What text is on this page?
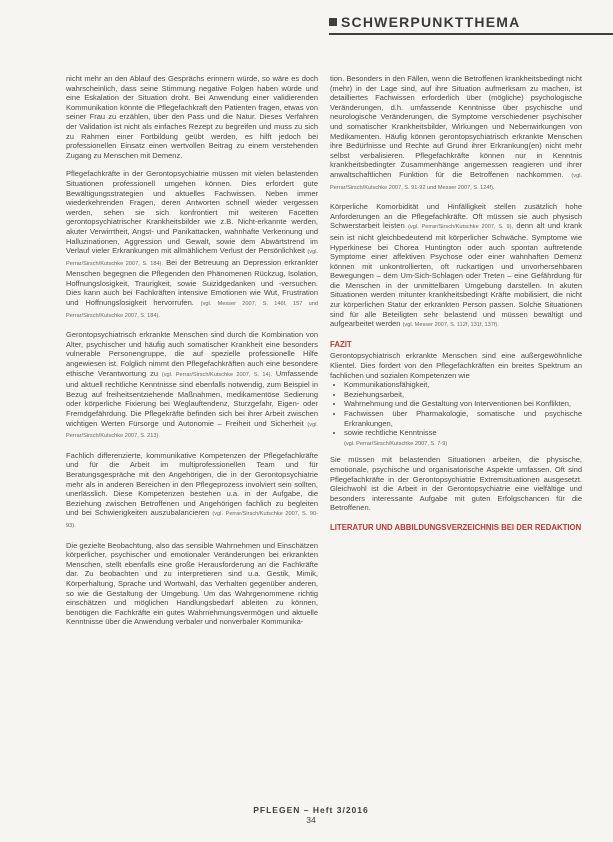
SCHWERPUNKTTHEMA

nicht mehr an den Ablauf des Gesprächs erinnern würde, so wäre es doch wahrscheinlich, dass seine Stimmung negative Folgen haben würde und eine Eskalation der Situation droht. Bei Anwendung einer validierenden Kommunikation könnte die Pflegefachkraft den Patienten fragen, etwas von seiner Frau zu erzählen, über den Pass und die Natur. Dieses Verfahren der Validation ist nicht als einfaches Rezept zu begreifen und muss zu sich zu Rahmen einer Fortbildung geübt werden, es hilft jedoch bei professionellen Einsatz einen wertvollen Beitrag zu einem verstehenden Zugang zu Menschen mit Demenz.

Pflegefachkräfte in der Gerontopsychiatrie müssen mit vielen belastenden Situationen professionell umgehen können. Dies erfordert gute Bewältigungsstrategien und aktuelles Fachwissen. Neben immer wiederkehrenden Fragen, deren Antworten schnell wieder vergessen werden, sehen sie sich konfrontiert mit weiteren Facetten gerontopsychiatrischer Krankheitsbilder wie z.B. Nicht-erkannte werden, akuter Verwirrtheit, Angst- und Panikattacken, wahnhafte Verkennung und Halluzinationen, Aggression und Gewalt, sowie dem Abwärtstrend im Verlauf vieler Erkrankungen mit allmählichem Verlust der Persönlichkeit (vgl. Perrar/Sirsch/Kutschke 2007, S. 184). Bei der Betreuung an Depression erkrankter Menschen begegnen die Pflegenden den Phänomenen Rückzug, Isolation, Hoffnungslosigkeit, Traurigkeit, sowie Suizidgedanken und -versuchen. Dies kann auch bei Fachkräften intensive Emotionen wie Wut, Frustration und Hoffnungslosigkeit hervorrufen. (vgl. Messer 2007, S. 146f, 157 und Perrar/Sirsch/Kutschke 2007, S. 184).

Gerontopsychiatrisch erkrankte Menschen sind durch die Kombination von Alter, psychischer und häufig auch somatischer Krankheit eine besonders vulnerable Personengruppe, die auf spezielle professionelle Hilfe angewiesen ist. Folglich nimmt den Pflegefachkräften auch eine besondere ethische Verantwortung zu (vgl. Perrar/Sirsch/Kutschke 2007, S. 14). Umfassende und aktuell rechtliche Kenntnisse sind ebenfalls notwendig, zum Beispiel in Bezug auf freiheitsentziehende Maßnahmen, medikamentöse Sedierung oder körperliche Fixierung bei Weglauftendenz, Sturzgefahr, Eigen- oder Fremdgefährdung. Die Pflegekräfte befinden sich bei ihrer Arbeit zwischen wichtigen Werten Fürsorge und Autonomie – Freiheit und Sicherheit (vgl. Perrar/Sirsch/Kutschke 2007, S. 213).

Fachlich differenzierte, kommunikative Kompetenzen der Pflegefachkräfte und für die Arbeit im multiprofessionellen Team und für Beratungsgespräche mit den Angehörigen, die in der Gerontopsychiatrie mehr als in anderen Bereichen in den Pflegeprozess involviert sein sollten, unerlässlich. Diese Kompetenzen bestehen u.a. in der Aufgabe, die Beziehung zwischen Betroffenen und Angehörigen fachlich zu begleiten und bei Schwierigkeiten auszubalancieren (vgl. Perrar/Sirsch/Kutschke 2007, S. 90-93).

Die gezielte Beobachtung, also das sensible Wahrnehmen und Einschätzen körperlicher, psychischer und emotionaler Veränderungen bei erkrankten Menschen, stellt ebenfalls eine große Herausforderung an die Fachkräfte dar. Zu beobachten und zu interpretieren sind u.a. Gestik, Mimik, Körperhaltung, Sprache und Wortwahl, das Verhalten gegenüber anderen, so wie die Gestaltung der Umgebung. Um das Wahrgenommene richtig einschätzen und möglichen Handlungsbedarf ableiten zu können, benötigen die Fachkräfte ein gutes Wahrnehmungsvermögen und aktuelle Kenntnisse über die Anwendung verbaler und nonverbaler Kommunika-

tion. Besonders in den Fällen, wenn die Betroffenen krankheitsbedingt nicht (mehr) in der Lage sind, auf ihre Situation aufmerksam zu machen, ist detailliertes Fachwissen erforderlich über (mögliche) psychologische Veränderungen, d.h. umfassende Kenntnisse über psychische und neurologische Veränderungen, die Symptome verschiedener psychischer und somatischer Krankheitsbilder, Wirkungen und Nebenwirkungen von Medikamenten. Häufig können gerontopsychiatrisch erkrankte Menschen ihre Bedürfnisse und Rechte auf Grund ihrer Erkrankung(en) nicht mehr selbst verbalisieren. Pflegefachkräfte können nur in Kenntnis krankheitsbedingter Zusammenhänge angemessen reagieren und ihrer anwaltschaftlichen Funktion für die Betroffenen nachkommen. (vgl. Perrar/Sirsch/Kutschke 2007, S. 91-92 und Messer 2007, S. 124f).

Körperliche Komorbidität und Hinfälligkeit stellen zusätzlich hohe Anforderungen an die Pflegefachkräfte. Oft müssen sie auch physisch Schwerstarbeit leisten (vgl. Perrar/Sirsch/Kutschke 2007, S. 9), denn alt und krank sein ist nicht gleichbedeutend mit körperlicher Schwäche. Symptome wie Hyperkinese bei Chorea Huntington oder auch spontan auftretende Symptome einer affektiven Psychose oder einer wahnhaften Demenz können mit unkontrollierten, oft ruckartigen und unvorhersehbaren Bewegungen – dem Um-Sich-Schlagen oder Treten – eine Gefährdung für die Menschen in der unmittelbaren Umgebung darstellen. In akuten Situationen werden mitunter krankheitsbedingt Kräfte mobilisiert, die nicht zur körperlichen Statur der erkrankten Person passen. Solche Situationen sind für alle Beteiligten sehr belastend und müssen bewältigt und aufgearbeitet werden (vgl. Messer 2007, S. 112f, 131f, 137f).

FAZIT

Gerontopsychiatrisch erkrankte Menschen sind eine außergewöhnliche Klientel. Dies fordert von den Pflegefachkräften ein breites Spektrum an fachlichen und sozialen Kompetenzen wie

• Kommunikationsfähigkeit,
• Beziehungsarbeit,
• Wahrnehmung und die Gestaltung von Interventionen bei Konflikten,
• Fachwissen über Pharmakologie, somatische und psychische Erkrankungen,
• sowie rechtliche Kenntnisse
(vgl. Perrar/Sirsch/Kutschke 2007, S. 7-9)

Sie müssen mit belastenden Situationen arbeiten, die physische, emotionale, psychische und organisatorische Aspekte umfassen. Oft sind Pflegefachkräfte in der Gerontopsychiatrie Extremsituationen ausgesetzt. Gleichwohl ist die Arbeit in der Gerontopsychiatrie eine vielfältige und besonders interessante Aufgabe mit guten Erfolgschancen für die Betroffenen.

LITERATUR UND ABBILDUNGSVERZEICHNIS BEI DER REDAKTION
PFLEGEN – Heft 3/2016
34
